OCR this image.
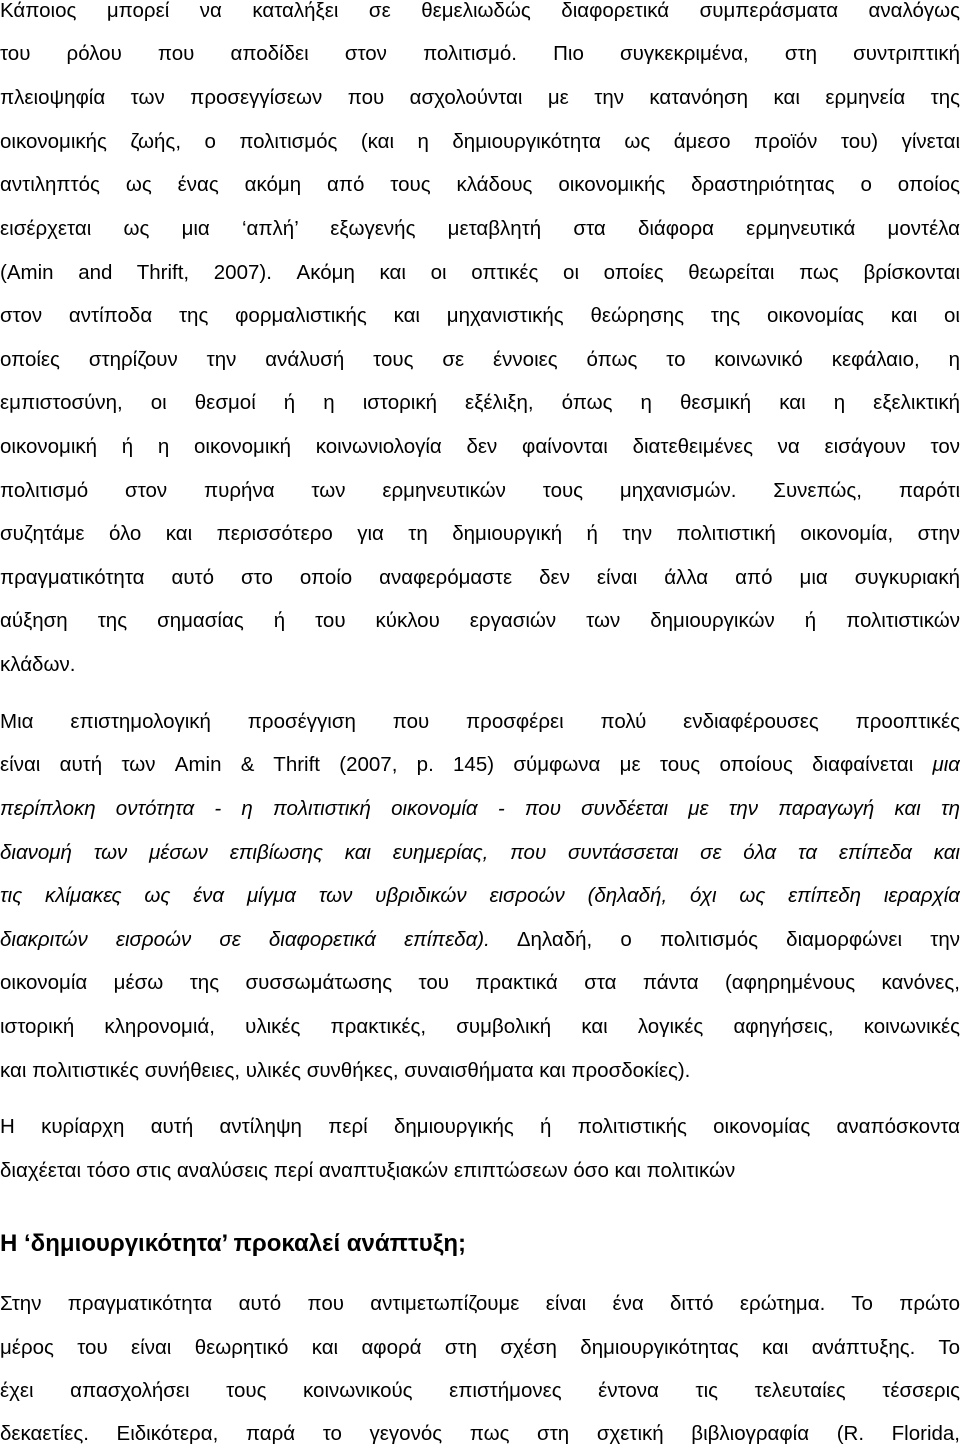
Κάποιος μπορεί να καταλήξει σε θεμελιωδώς διαφορετικά συμπεράσματα αναλόγως
του ρόλου που αποδίδει στον πολιτισμό. Πιο συγκεκριμένα, στη συντριπτική
πλειοψηφία των προσεγγίσεων που ασχολούνται με την κατανόηση και ερμηνεία της
οικονομικής ζωής, ο πολιτισμός (και η δημιουργικότητα ως άμεσο προϊόν του) γίνεται
αντιληπτός ως ένας ακόμη από τους κλάδους οικονομικής δραστηριότητας ο οποίος
εισέρχεται ως μια ‘απλή’ εξωγενής μεταβλητή στα διάφορα ερμηνευτικά μοντέλα
(Amin and Thrift, 2007). Ακόμη και οι οπτικές οι οποίες θεωρείται πως βρίσκονται
στον αντίποδα της φορμαλιστικής και μηχανιστικής θεώρησης της οικονομίας και οι
οποίες στηρίζουν την ανάλυσή τους σε έννοιες όπως το κοινωνικό κεφάλαιο, η
εμπιστοσύνη, οι θεσμοί ή η ιστορική εξέλιξη, όπως η θεσμική και η εξελικτική
οικονομική ή η οικονομική κοινωνιολογία δεν φαίνονται διατεθειμένες να εισάγουν τον
πολιτισμό στον πυρήνα των ερμηνευτικών τους μηχανισμών. Συνεπώς, παρότι
συζητάμε όλο και περισσότερο για τη δημιουργική ή την πολιτιστική οικονομία, στην
πραγματικότητα αυτό στο οποίο αναφερόμαστε δεν είναι άλλα από μια συγκυριακή
αύξηση της σημασίας ή του κύκλου εργασιών των δημιουργικών ή πολιτιστικών
κλάδων.
Μια επιστημολογική προσέγγιση που προσφέρει πολύ ενδιαφέρουσες προοπτικές
είναι αυτή των Amin & Thrift (2007, p. 145) σύμφωνα με τους οποίους διαφαίνεται μια
περίπλοκη οντότητα - η πολιτιστική οικονομία - που συνδέεται με την παραγωγή και τη
διανομή των μέσων επιβίωσης και ευημερίας, που συντάσσεται σε όλα τα επίπεδα και
τις κλίμακες ως ένα μίγμα των υβριδικών εισροών (δηλαδή, όχι ως επίπεδη ιεραρχία
διακριτών εισροών σε διαφορετικά επίπεδα). Δηλαδή, ο πολιτισμός διαμορφώνει την
οικονομία μέσω της συσσωμάτωσης του πρακτικά στα πάντα (αφηρημένους κανόνες,
ιστορική κληρονομιά, υλικές πρακτικές, συμβολική και λογικές αφηγήσεις, κοινωνικές
και πολιτιστικές συνήθειες, υλικές συνθήκες, συναισθήματα και προσδοκίες).
Η κυρίαρχη αυτή αντίληψη περί δημιουργικής ή πολιτιστικής οικονομίας αναπόσκοντα
διαχέεται τόσο στις αναλύσεις περί αναπτυξιακών επιπτώσεων όσο και πολιτικών
Η ‘δημιουργικότητα’ προκαλεί ανάπτυξη;
Στην πραγματικότητα αυτό που αντιμετωπίζουμε είναι ένα διττό ερώτημα. Το πρώτο
μέρος του είναι θεωρητικό και αφορά στη σχέση δημιουργικότητας και ανάπτυξης. Το
έχει απασχολήσει τους κοινωνικούς επιστήμονες έντονα τις τελευταίες τέσσερις
δεκαετίες. Ειδικότερα, παρά το γεγονός πως στη σχετική βιβλιογραφία (R. Florida,
